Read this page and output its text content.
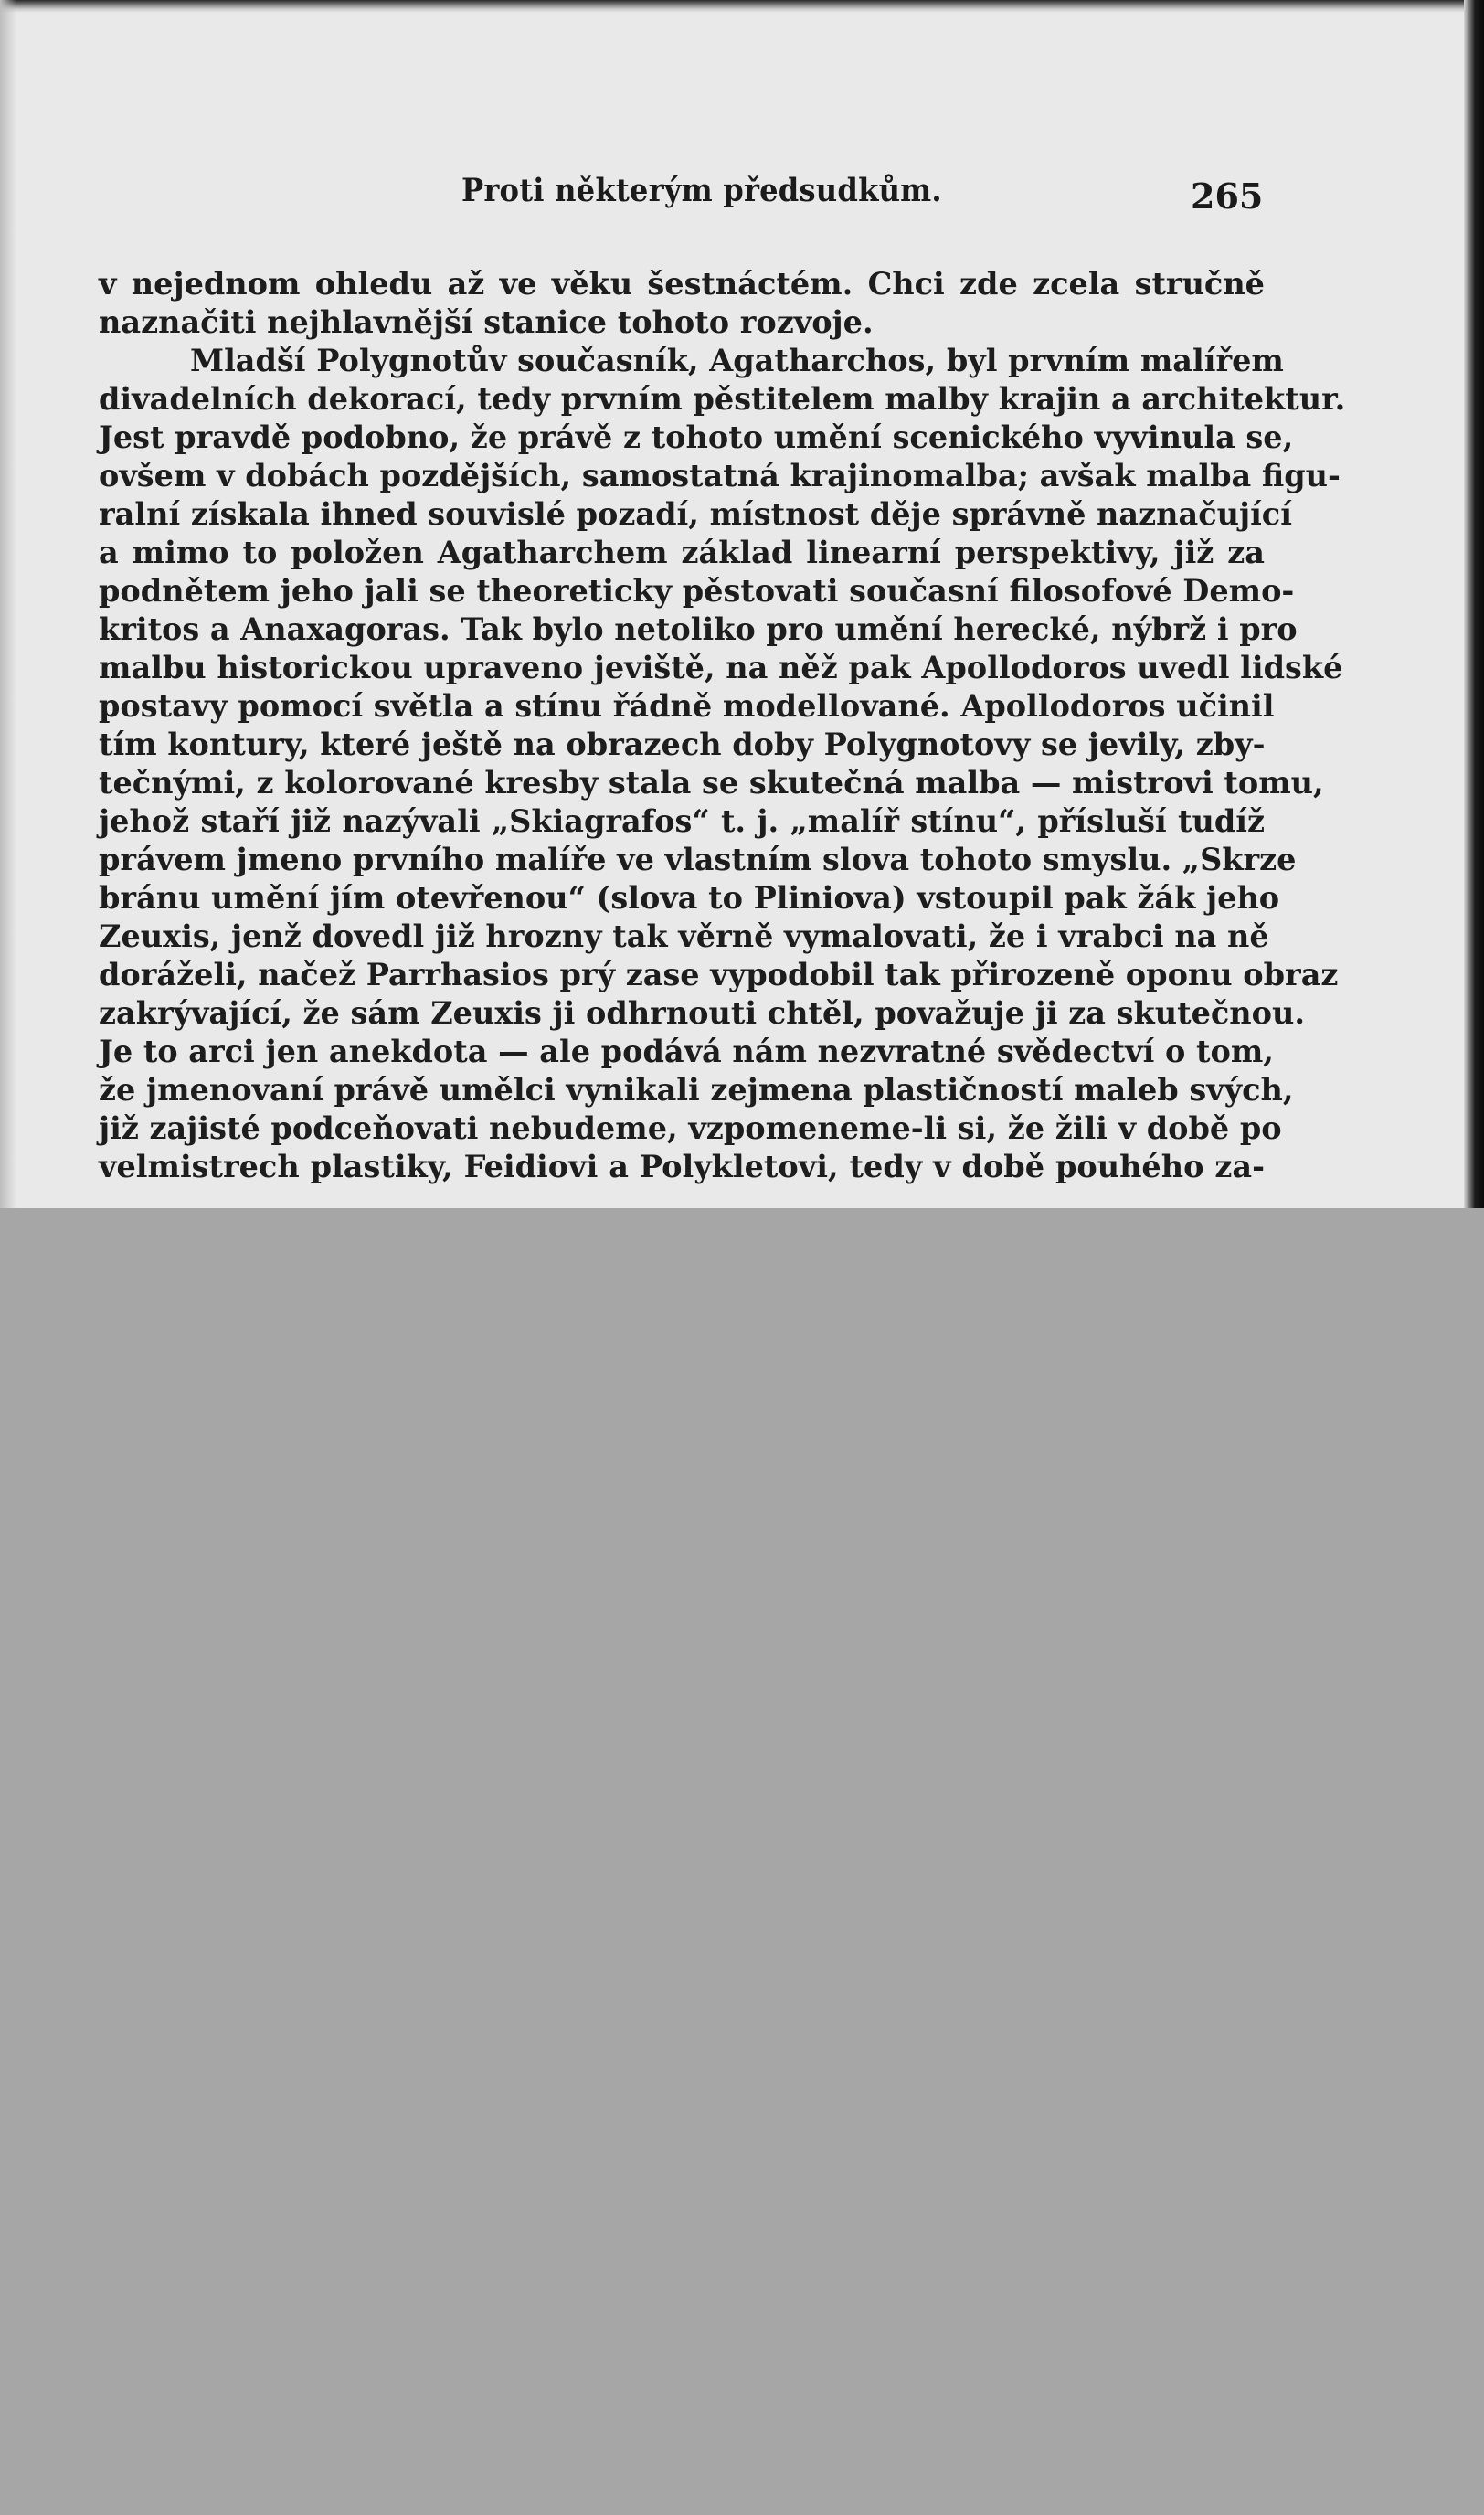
Proti některým předsudkům.	265
v nejednom ohledu až ve věku šestnáctém. Chci zde zcela stručně
naznačiti nejhlavnější stanice tohoto rozvoje.
Mladší Polygnotův současník, Agatharchos, byl prvním malířem
divadelních dekorací, tedy prvním pěstitelem malby krajin a architektur.
Jest pravdě podobno, že právě z tohoto umění scenického vyvinula se,
ovšem v dobách pozdějších, samostatná krajinomalba; avšak malba figu-
ralní získala ihned souvislé pozadí, místnost děje správně naznačující
a mimo to položen Agatharchem základ linearní perspektivy, již za
podnětem jeho jali se theoreticky pěstovati současní filosofové Demo-
kritos a Anaxagoras. Tak bylo netoliko pro umění herecké, nýbrž i pro
malbu historickou upraveno jeviště, na něž pak Apollodoros uvedl lidské
postavy pomocí světla a stínu řádně modellované. Apollodoros učinil
tím kontury, které ještě na obrazech doby Polygnotovy se jevily, zby-
tečnými, z kolorované kresby stala se skutečná malba — mistrovi tomu,
jehož staří již nazývali „Skiagrafos“ t. j. „malíř stínu“, přísluší tudíž
právem jmeno prvního malíře ve vlastním slova tohoto smyslu. „Skrze
bránu umění jím otevřenou“ (slova to Pliniova) vstoupil pak žák jeho
Zeuxis, jenž dovedl již hrozny tak věrně vymalovati, že i vrabci na ně
doráželi, načež Parrhasios prý zase vypodobil tak přirozeně oponu obraz
zakrývající, že sám Zeuxis ji odhrnouti chtěl, považuje ji za skutečnou.
Je to arci jen anekdota — ale podává nám nezvratné svědectví o tom,
že jmenovaní právě umělci vynikali zejmena plastičností maleb svých,
již zajisté podceňovati nebudeme, vzpomeneme-li si, že žili v době po
velmistrech plastiky, Feidiovi a Polykletovi, tedy v době pouhého za-
